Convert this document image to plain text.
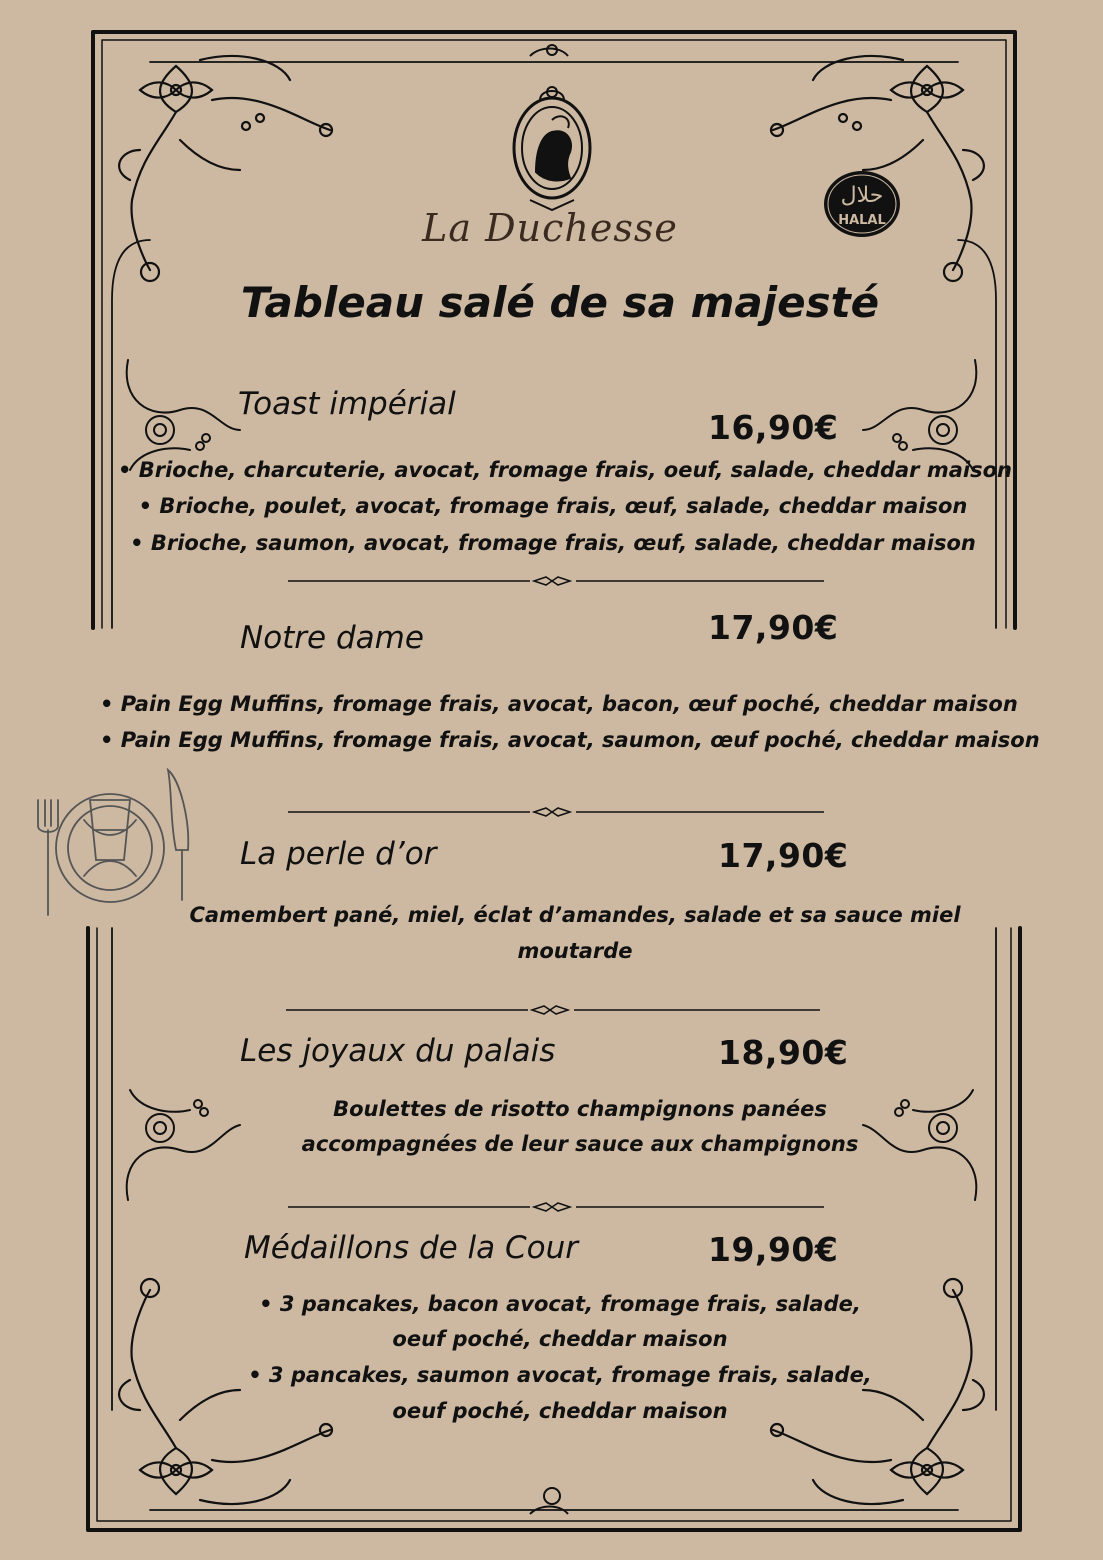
حلال
HALAL
La Duchesse
Tableau salé de sa majesté
Toast impérial
16,90€
• Brioche, charcuterie, avocat, fromage frais, oeuf, salade, cheddar maison
• Brioche, poulet, avocat, fromage frais, œuf, salade, cheddar maison
• Brioche, saumon, avocat, fromage frais, œuf, salade, cheddar maison
Notre dame	17,90€
• Pain Egg Muffins, fromage frais, avocat, bacon, œuf poché, cheddar maison
• Pain Egg Muffins, fromage frais, avocat, saumon, œuf poché, cheddar maison
La perle d’or	17,90€
Camembert pané, miel, éclat d’amandes, salade et sa sauce miel
moutarde
Les joyaux du palais	18,90€
Boulettes de risotto champignons panées
accompagnées de leur sauce aux champignons
Médaillons de la Cour	19,90€
• 3 pancakes, bacon avocat, fromage frais, salade,
oeuf poché, cheddar maison
• 3 pancakes, saumon avocat, fromage frais, salade,
oeuf poché, cheddar maison
